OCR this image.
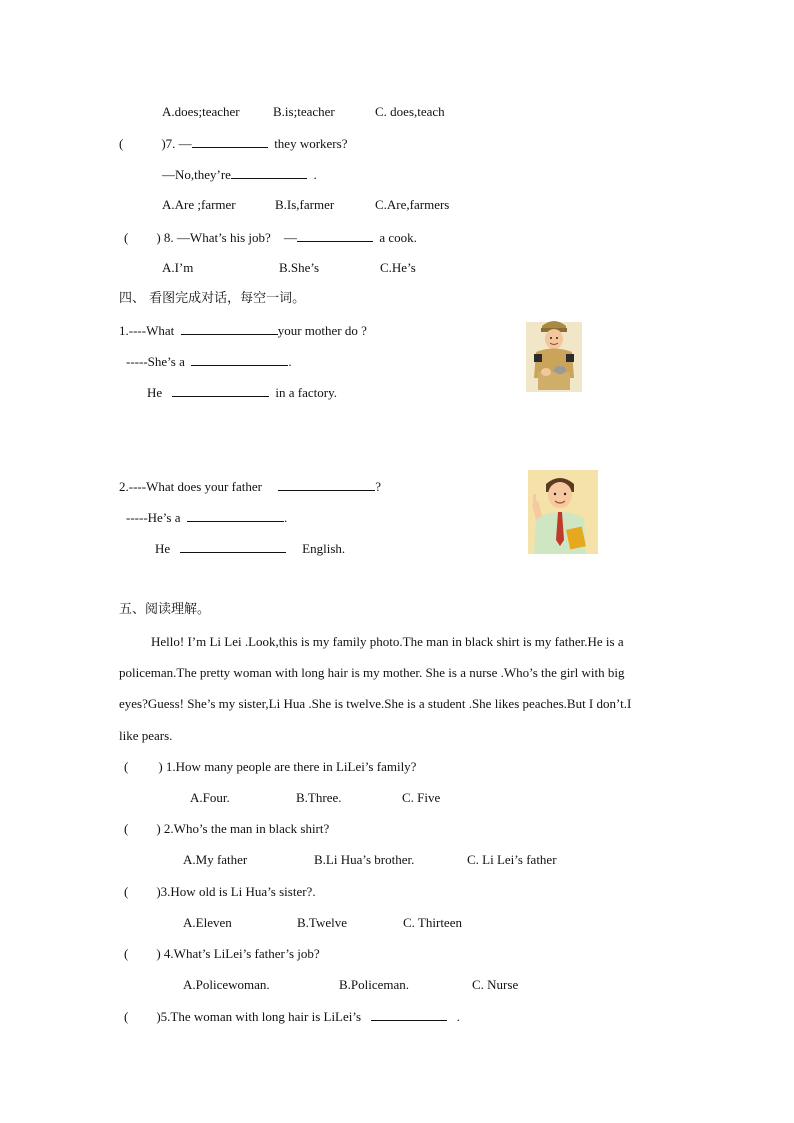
A.does;teacher	B.is;teacher	C. does,teach
(	)7. —	they workers?
—No,they’re	.
A.Are ;farmer	B.Is,farmer	C.Are,farmers
( ) 8. —What’s his job? —	a cook.
A.I’m	B.She’s	C.He’s
四、 看图完成对话，每空一词。
1.----What	your mother do ?
-----She’s a	.
He	in a factory.
2.----What does your father	?
-----He’s a	.
He	English.
五、阅读理解。
Hello! I’m Li Lei .Look,this is my family photo.The man in black shirt is my father.He is a
policeman.The pretty woman with long hair is my mother. She is a nurse .Who’s the girl with big
eyes?Guess! She’s my sister,Li Hua .She is twelve.She is a student .She likes peaches.But I don’t.I
like pears.
( ) 1.How many people are there in LiLei’s family?
A.Four.	B.Three.	C. Five
( ) 2.Who’s the man in black shirt?
A.My father	B.Li Hua’s brother.	C. Li Lei’s father
( )3.How old is Li Hua’s sister?.
A.Eleven	B.Twelve	C. Thirteen
( ) 4.What’s LiLei’s father’s job?
A.Policewoman.	B.Policeman.	C. Nurse
( )5.The woman with long hair is LiLei’s	.
